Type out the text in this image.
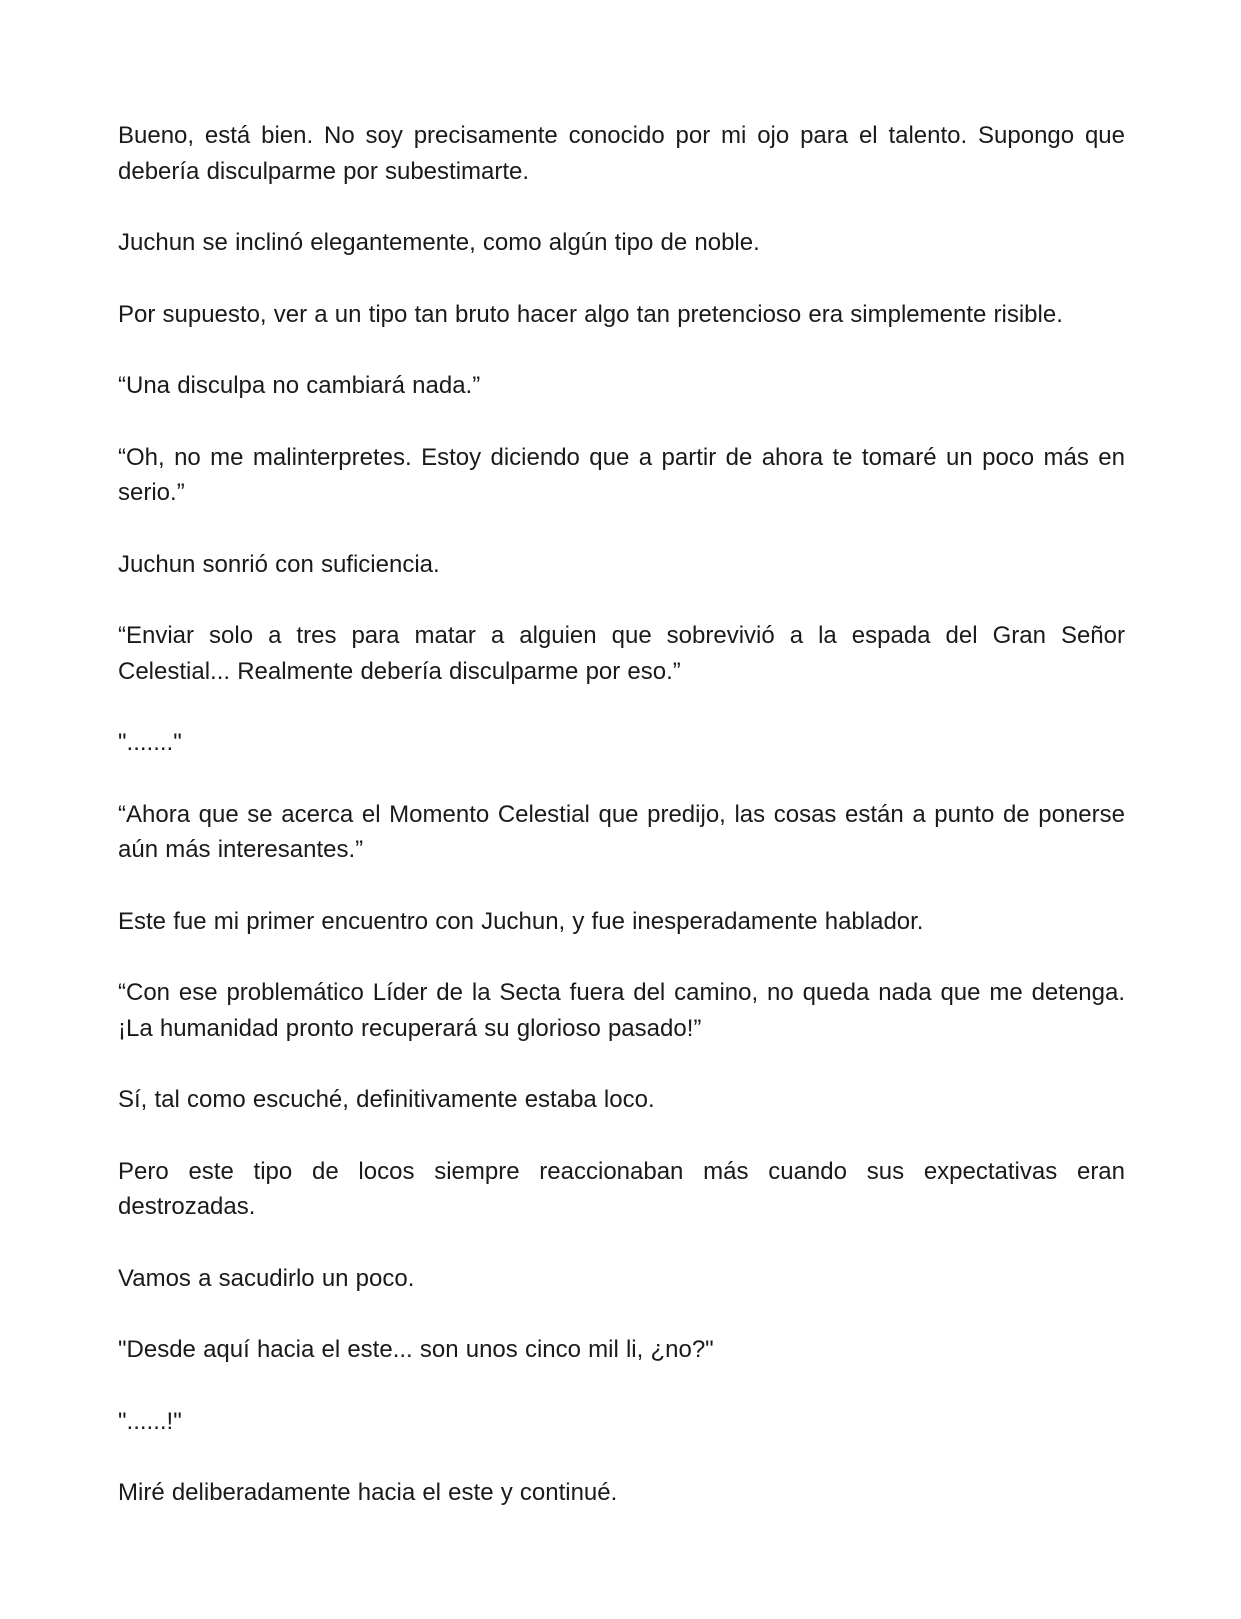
Bueno, está bien. No soy precisamente conocido por mi ojo para el talento. Supongo que debería disculparme por subestimarte.

Juchun se inclinó elegantemente, como algún tipo de noble.

Por supuesto, ver a un tipo tan bruto hacer algo tan pretencioso era simplemente risible.

“Una disculpa no cambiará nada.”

“Oh, no me malinterpretes. Estoy diciendo que a partir de ahora te tomaré un poco más en serio.”

Juchun sonrió con suficiencia.

“Enviar solo a tres para matar a alguien que sobrevivió a la espada del Gran Señor Celestial... Realmente debería disculparme por eso.”

"......."

“Ahora que se acerca el Momento Celestial que predijo, las cosas están a punto de ponerse aún más interesantes.”

Este fue mi primer encuentro con Juchun, y fue inesperadamente hablador.

“Con ese problemático Líder de la Secta fuera del camino, no queda nada que me detenga. ¡La humanidad pronto recuperará su glorioso pasado!”

Sí, tal como escuché, definitivamente estaba loco.

Pero este tipo de locos siempre reaccionaban más cuando sus expectativas eran destrozadas.

Vamos a sacudirlo un poco.

"Desde aquí hacia el este... son unos cinco mil li, ¿no?"

"......!"

Miré deliberadamente hacia el este y continué.
